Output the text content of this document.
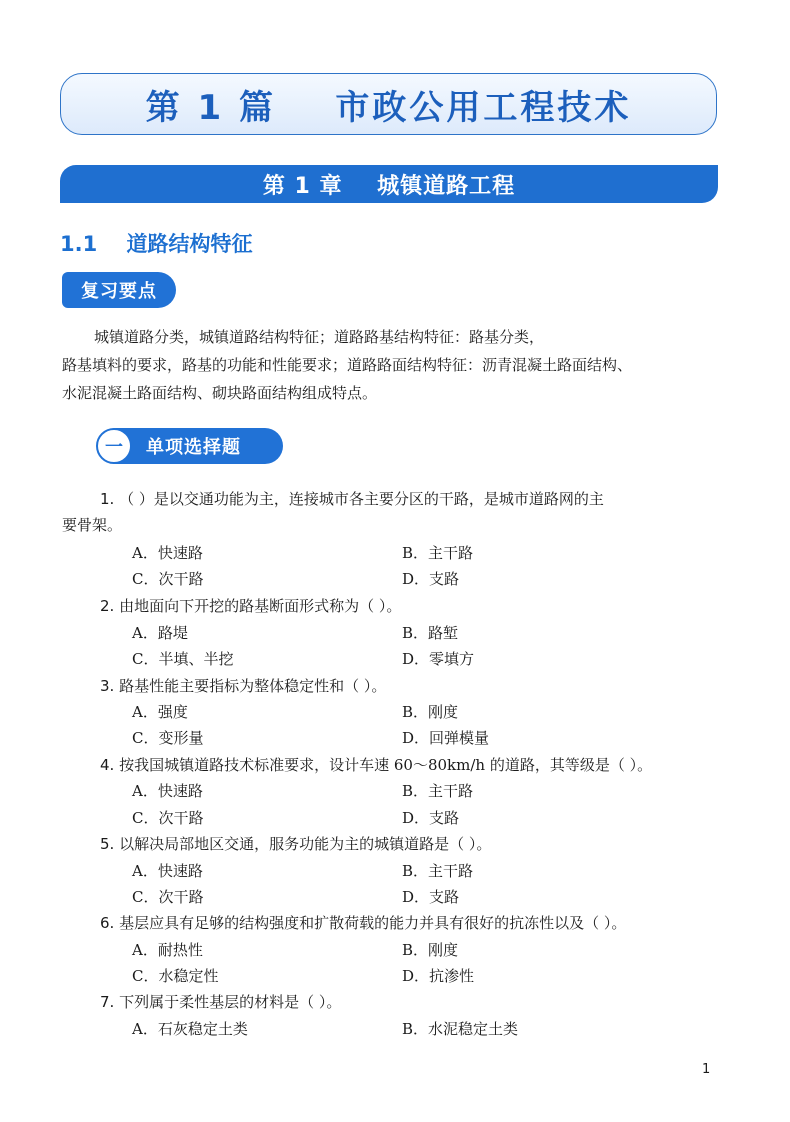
第 1 篇    市政公用工程技术
第 1 章    城镇道路工程
1.1    道路结构特征
复习要点
城镇道路分类，城镇道路结构特征；道路路基结构特征：路基分类，
路基填料的要求，路基的功能和性能要求；道路路面结构特征：沥青混凝土路面结构、
水泥混凝土路面结构、砌块路面结构组成特点。
一	单项选择题
1. （ ）是以交通功能为主，连接城市各主要分区的干路，是城市道路网的主
要骨架。
A．快速路	B．主干路
C．次干路	D．支路
2. 由地面向下开挖的路基断面形式称为（ ）。
A．路堤	B．路堑
C．半填、半挖	D．零填方
3. 路基性能主要指标为整体稳定性和（ ）。
A．强度	B．刚度
C．变形量	D．回弹模量
4. 按我国城镇道路技术标准要求，设计车速 60～80km/h 的道路，其等级是（ ）。
A．快速路	B．主干路
C．次干路	D．支路
5. 以解决局部地区交通，服务功能为主的城镇道路是（ ）。
A．快速路	B．主干路
C．次干路	D．支路
6. 基层应具有足够的结构强度和扩散荷载的能力并具有很好的抗冻性以及（ ）。
A．耐热性	B．刚度
C．水稳定性	D．抗渗性
7. 下列属于柔性基层的材料是（ ）。
A．石灰稳定土类	B．水泥稳定土类
1
